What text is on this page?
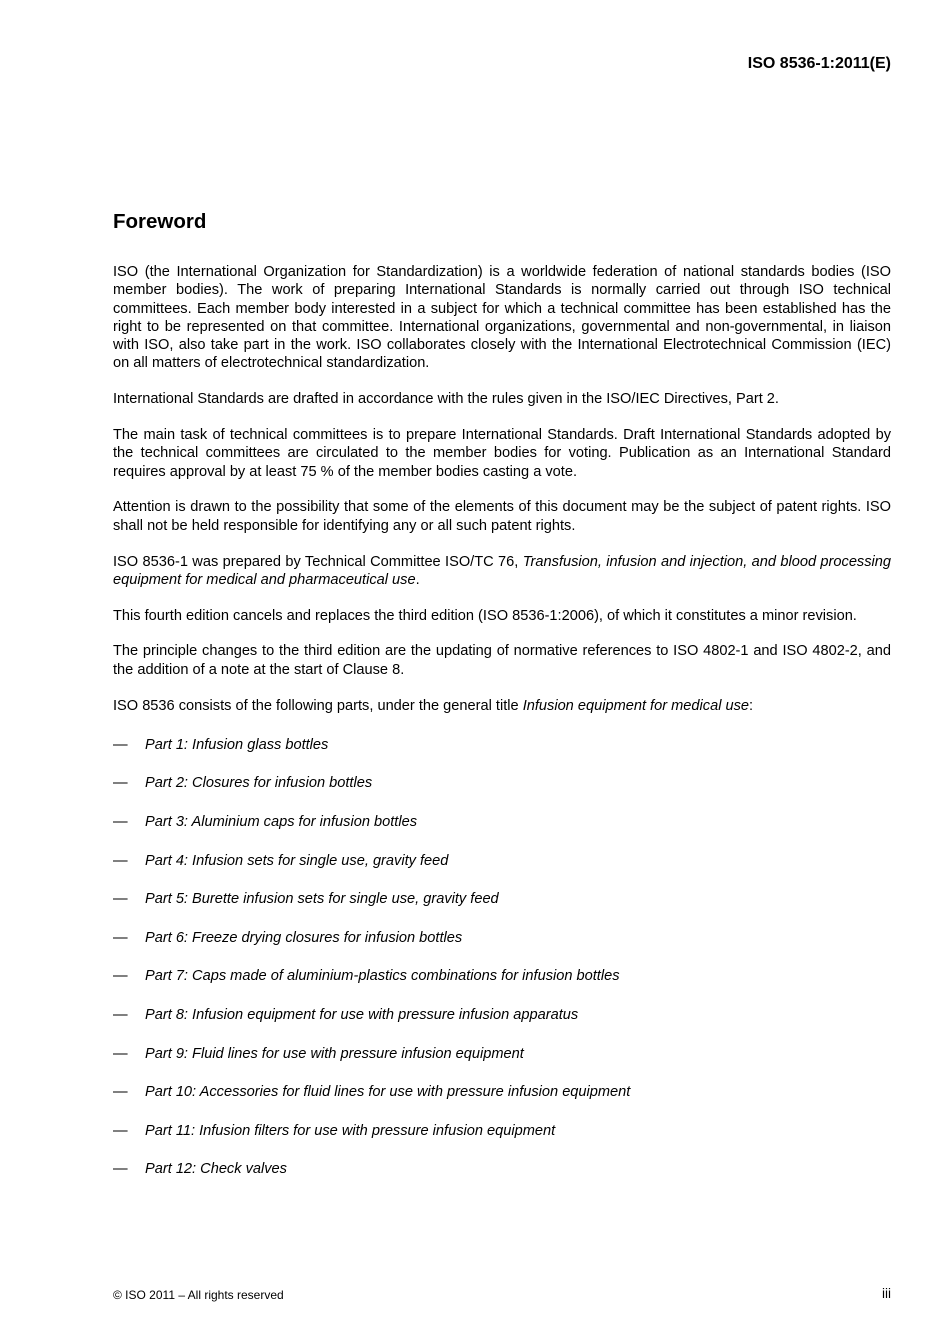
ISO 8536-1:2011(E)
Foreword

ISO (the International Organization for Standardization) is a worldwide federation of national standards bodies (ISO member bodies). The work of preparing International Standards is normally carried out through ISO technical committees. Each member body interested in a subject for which a technical committee has been established has the right to be represented on that committee. International organizations, governmental and non-governmental, in liaison with ISO, also take part in the work. ISO collaborates closely with the International Electrotechnical Commission (IEC) on all matters of electrotechnical standardization.

International Standards are drafted in accordance with the rules given in the ISO/IEC Directives, Part 2.

The main task of technical committees is to prepare International Standards. Draft International Standards adopted by the technical committees are circulated to the member bodies for voting. Publication as an International Standard requires approval by at least 75 % of the member bodies casting a vote.

Attention is drawn to the possibility that some of the elements of this document may be the subject of patent rights. ISO shall not be held responsible for identifying any or all such patent rights.

ISO 8536-1 was prepared by Technical Committee ISO/TC 76, Transfusion, infusion and injection, and blood processing equipment for medical and pharmaceutical use.

This fourth edition cancels and replaces the third edition (ISO 8536-1:2006), of which it constitutes a minor revision.

The principle changes to the third edition are the updating of normative references to ISO 4802-1 and ISO 4802-2, and the addition of a note at the start of Clause 8.

ISO 8536 consists of the following parts, under the general title Infusion equipment for medical use:

— Part 1: Infusion glass bottles
— Part 2: Closures for infusion bottles
— Part 3: Aluminium caps for infusion bottles
— Part 4: Infusion sets for single use, gravity feed
— Part 5: Burette infusion sets for single use, gravity feed
— Part 6: Freeze drying closures for infusion bottles
— Part 7: Caps made of aluminium-plastics combinations for infusion bottles
— Part 8: Infusion equipment for use with pressure infusion apparatus
— Part 9: Fluid lines for use with pressure infusion equipment
— Part 10: Accessories for fluid lines for use with pressure infusion equipment
— Part 11: Infusion filters for use with pressure infusion equipment
— Part 12: Check valves
© ISO 2011 – All rights reserved	iii
